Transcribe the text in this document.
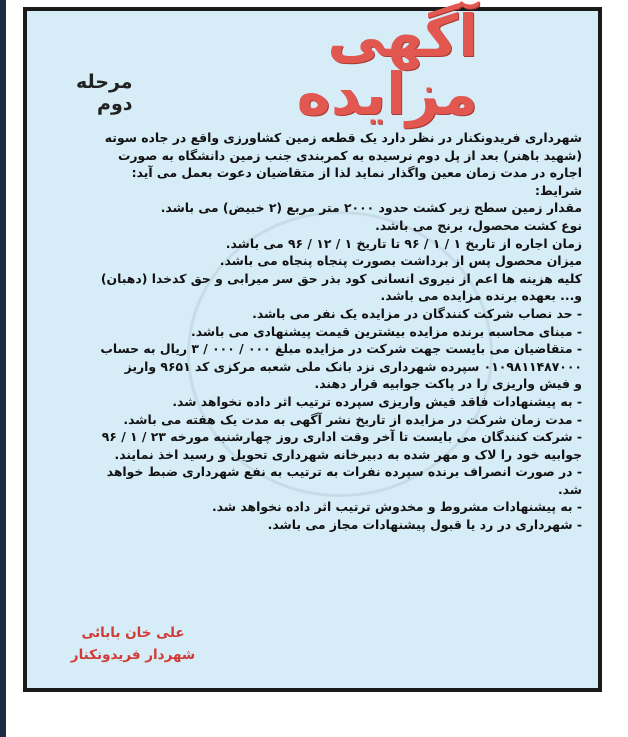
آگهی مزایده
مرحله دوم
شهرداری فریدونکنار در نظر دارد یک قطعه زمین کشاورزی واقع در جاده سوته
(شهید باهنر) بعد از پل دوم نرسیده به کمربندی جنب زمین دانشگاه به صورت
اجاره در مدت زمان معین واگذار نماید لذا از متقاضیان دعوت بعمل می آید:
شرایط:
مقدار زمین سطح زیر کشت حدود ۲۰۰۰ متر مربع (۲ خبیض) می باشد.
نوع کشت محصول، برنج می باشد.
زمان اجاره از تاریخ ۱ / ۱ / ۹۶ تا تاریخ ۱ / ۱۲ / ۹۶ می باشد.
میزان محصول پس از برداشت بصورت پنجاه پنجاه می باشد.
کلیه هزینه ها اعم از نیروی انسانی کود بذر حق سر میرابی و حق کدخدا (دهبان)
و... بعهده برنده مزایده می باشد.
- حد نصاب شرکت کنندگان در مزایده یک نفر می باشد.
- مبنای محاسبه برنده مزایده بیشترین قیمت پیشنهادی می باشد.
- متقاضیان می بایست جهت شرکت در مزایده مبلغ ۰۰۰ / ۰۰۰ / ۳ ریال به حساب
۰۱۰۹۸۱۱۴۸۷۰۰۰ سپرده شهرداری نزد بانک ملی شعبه مرکزی کد ۹۶۵۱ واریز
و فیش واریزی را در پاکت جوابیه قرار دهند.
- به پیشنهادات فاقد فیش واریزی سپرده ترتیب اثر داده نخواهد شد.
- مدت زمان شرکت در مزایده از تاریخ نشر آگهی به مدت یک هفته می باشد.
- شرکت کنندگان می بایست تا آخر وقت اداری روز چهارشنبه مورخه ۲۳ / ۱ / ۹۶
جوابیه خود را لاک و مهر شده به دبیرخانه شهرداری تحویل و رسید اخذ نمایند.
- در صورت انصراف برنده سپرده نفرات به ترتیب به نفع شهرداری ضبط خواهد
شد.
- به پیشنهادات مشروط و مخدوش ترتیب اثر داده نخواهد شد.
- شهرداری در رد یا قبول پیشنهادات مجاز می باشد.
علی خان بابائی
شهردار فریدونکنار
